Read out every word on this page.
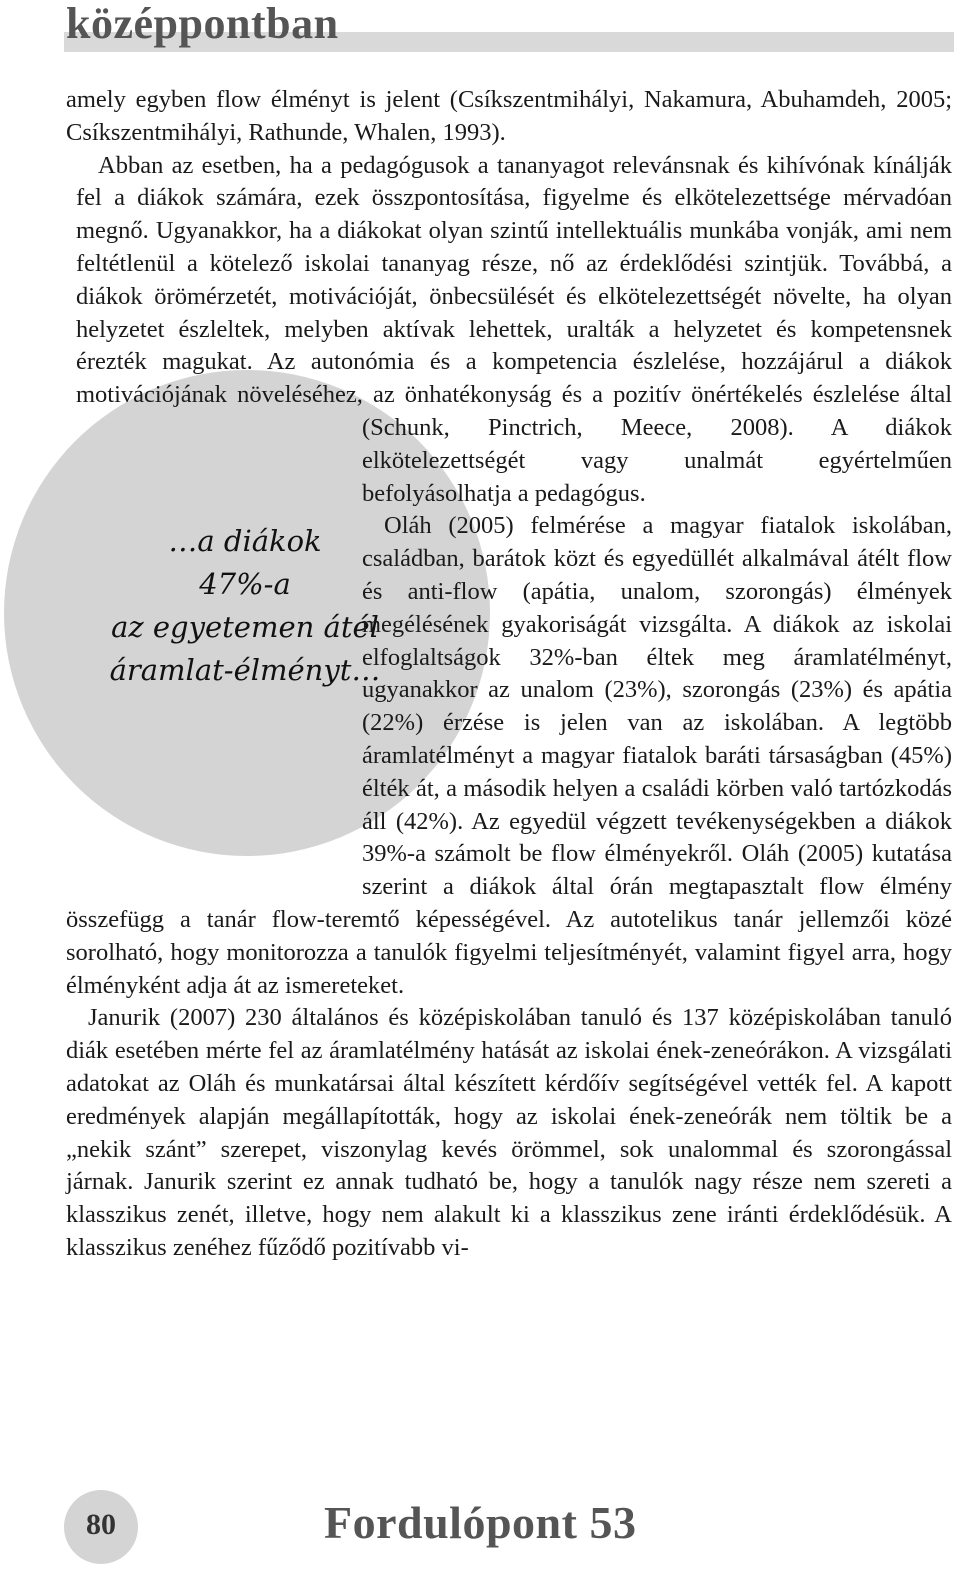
középpontban
…a diákok
47%-a
az egyetemen átél
áramlat-élményt…

amely egyben flow élményt is jelent (Csíkszentmihályi, Nakamura, Abuhamdeh, 2005; Csíkszentmihályi, Rathunde, Whalen, 1993).

Abban az esetben, ha a pedagógusok a tananyagot relevánsnak és kihívónak kínálják fel a diákok számára, ezek összpontosítása, figyelme és elkötelezettsége mérvadóan megnő. Ugyanakkor, ha a diákokat olyan szintű intellektuális munkába vonják, ami nem feltétlenül a kötelező iskolai tananyag része, nő az érdeklődési szintjük. Továbbá, a diákok örömérzetét, motivációját, önbecsülését és elkötelezettségét növelte, ha olyan helyzetet észleltek, melyben aktívak lehettek, uralták a helyzetet és kompetensnek érezték magukat. Az autonómia és a kompetencia észlelése, hozzájárul a diákok motivációjának növeléséhez, az önhatékonyság és a pozitív önértékelés észlelése által (Schunk, Pinctrich, Meece, 2008). A diákok elkötelezettségét vagy unalmát egyértelműen befolyásolhatja a pedagógus.

Oláh (2005) felmérése a magyar fiatalok iskolában, családban, barátok közt és egyedüllét alkalmával átélt flow és anti-flow (apátia, unalom, szorongás) élmények megélésének gyakoriságát vizsgálta. A diákok az iskolai elfoglaltságok 32%-ban éltek meg áramlatélményt, ugyanakkor az unalom (23%), szorongás (23%) és apátia (22%) érzése is jelen van az iskolában. A legtöbb áramlatélményt a magyar fiatalok baráti társaságban (45%) élték át, a második helyen a családi körben való tartózkodás áll (42%). Az egyedül végzett tevékenységekben a diákok 39%-a számolt be flow élményekről. Oláh (2005) kutatása szerint a diákok által órán megtapasztalt flow élmény összefügg a tanár flow-teremtő képességével. Az autotelikus tanár jellemzői közé sorolható, hogy monitorozza a tanulók figyelmi teljesítményét, valamint figyel arra, hogy élményként adja át az ismereteket.

Janurik (2007) 230 általános és középiskolában tanuló és 137 középiskolában tanuló diák esetében mérte fel az áramlatélmény hatását az iskolai ének-zeneórákon. A vizsgálati adatokat az Oláh és munkatársai által készített kérdőív segítségével vették fel. A kapott eredmények alapján megállapították, hogy az iskolai ének-zeneórák nem töltik be a „nekik szánt” szerepet, viszonylag kevés örömmel, sok unalommal és szorongással járnak. Janurik szerint ez annak tudható be, hogy a tanulók nagy része nem szereti a klasszikus zenét, illetve, hogy nem alakult ki a klasszikus zene iránti érdeklődésük. A klasszikus zenéhez fűződő pozitívabb vi-

80	Fordulópont 53
